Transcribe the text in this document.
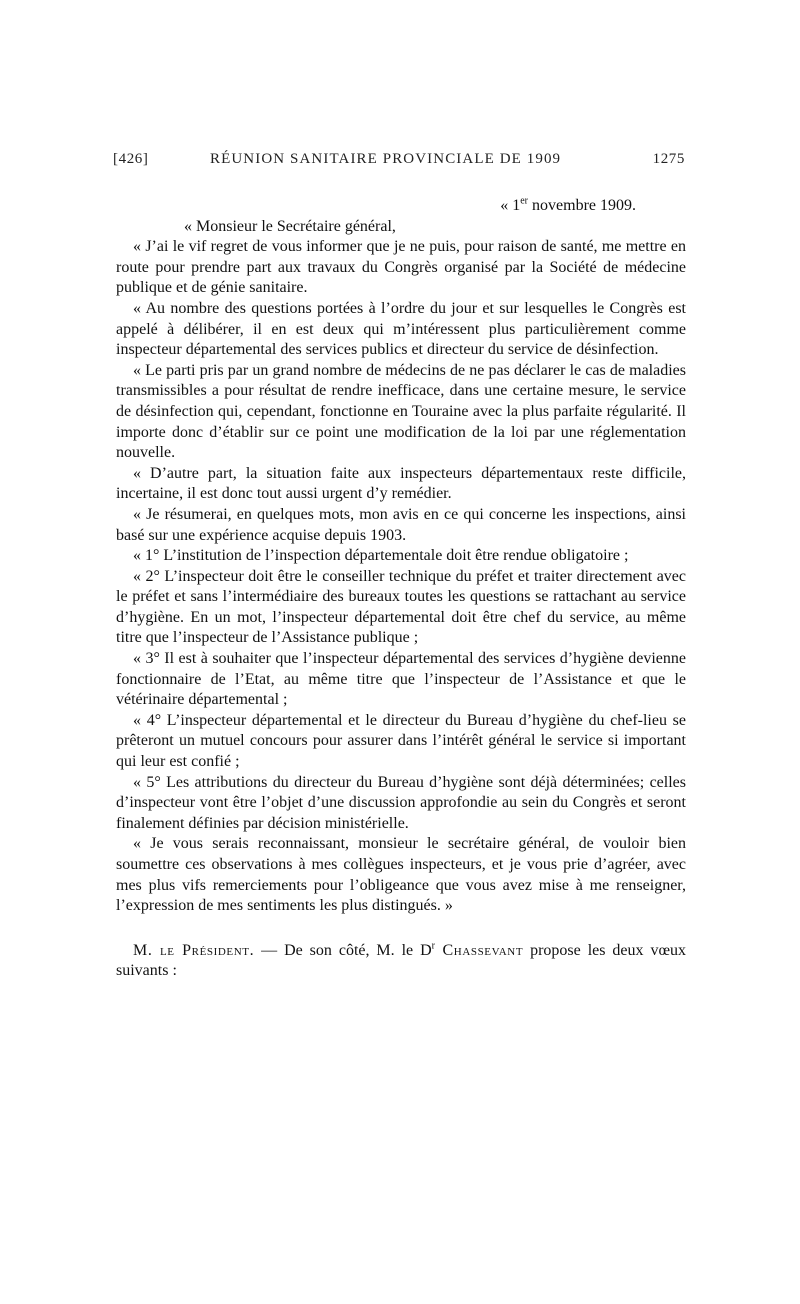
[426]	RÉUNION SANITAIRE PROVINCIALE DE 1909	1275

« 1er novembre 1909.

« Monsieur le Secrétaire général,

« J’ai le vif regret de vous informer que je ne puis, pour raison de santé, me mettre en route pour prendre part aux travaux du Congrès organisé par la Société de médecine publique et de génie sanitaire.

« Au nombre des questions portées à l’ordre du jour et sur lesquelles le Congrès est appelé à délibérer, il en est deux qui m’intéressent plus particulièrement comme inspecteur départemental des services publics et directeur du service de désinfection.

« Le parti pris par un grand nombre de médecins de ne pas déclarer le cas de maladies transmissibles a pour résultat de rendre inefficace, dans une certaine mesure, le service de désinfection qui, cependant, fonctionne en Touraine avec la plus parfaite régularité. Il importe donc d’établir sur ce point une modification de la loi par une réglementation nouvelle.

« D’autre part, la situation faite aux inspecteurs départementaux reste difficile, incertaine, il est donc tout aussi urgent d’y remédier.

« Je résumerai, en quelques mots, mon avis en ce qui concerne les inspections, ainsi basé sur une expérience acquise depuis 1903.

« 1° L’institution de l’inspection départementale doit être rendue obligatoire ;

« 2° L’inspecteur doit être le conseiller technique du préfet et traiter directement avec le préfet et sans l’intermédiaire des bureaux toutes les questions se rattachant au service d’hygiène. En un mot, l’inspecteur départemental doit être chef du service, au même titre que l’inspecteur de l’Assistance publique ;

« 3° Il est à souhaiter que l’inspecteur départemental des services d’hygiène devienne fonctionnaire de l’Etat, au même titre que l’inspecteur de l’Assistance et que le vétérinaire départemental ;

« 4° L’inspecteur départemental et le directeur du Bureau d’hygiène du chef-lieu se prêteront un mutuel concours pour assurer dans l’intérêt général le service si important qui leur est confié ;

« 5° Les attributions du directeur du Bureau d’hygiène sont déjà déterminées; celles d’inspecteur vont être l’objet d’une discussion approfondie au sein du Congrès et seront finalement définies par décision ministérielle.

« Je vous serais reconnaissant, monsieur le secrétaire général, de vouloir bien soumettre ces observations à mes collègues inspecteurs, et je vous prie d’agréer, avec mes plus vifs remerciements pour l’obligeance que vous avez mise à me renseigner, l’expression de mes sentiments les plus distingués. »

M. le Président. — De son côté, M. le $D^r$ Chassevant propose les deux vœux suivants :
